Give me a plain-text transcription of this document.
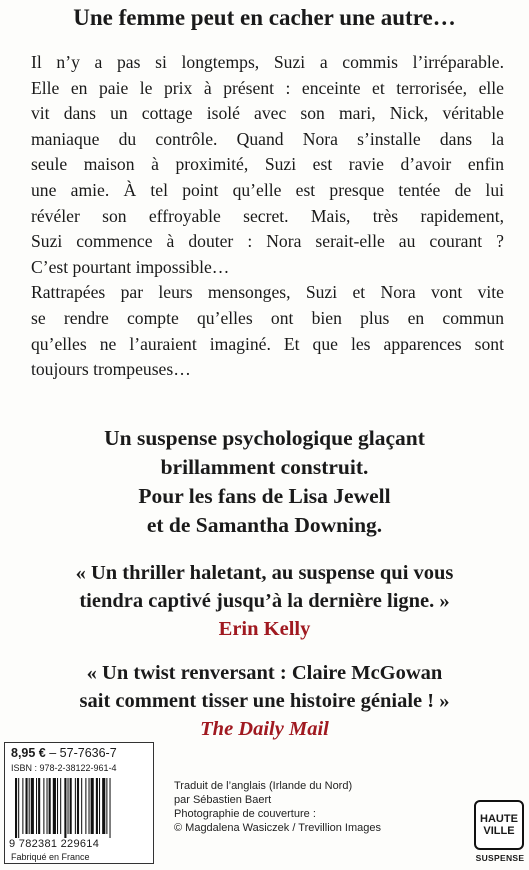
Une femme peut en cacher une autre…

Il n’y a pas si longtemps, Suzi a commis l’irréparable.
Elle en paie le prix à présent : enceinte et terrorisée, elle
vit dans un cottage isolé avec son mari, Nick, véritable
maniaque du contrôle. Quand Nora s’installe dans la
seule maison à proximité, Suzi est ravie d’avoir enfin
une amie. À tel point qu’elle est presque tentée de lui
révéler son effroyable secret. Mais, très rapidement,
Suzi commence à douter : Nora serait-elle au courant ?
C’est pourtant impossible…

Rattrapées par leurs mensonges, Suzi et Nora vont vite
se rendre compte qu’elles ont bien plus en commun
qu’elles ne l’auraient imaginé. Et que les apparences sont
toujours trompeuses…

Un suspense psychologique glaçant
brillamment construit.
Pour les fans de Lisa Jewell
et de Samantha Downing.
« Un thriller haletant, au suspense qui vous
tiendra captivé jusqu’à la dernière ligne. »
Erin Kelly
« Un twist renversant : Claire McGowan
sait comment tisser une histoire géniale ! »
The Daily Mail
8,95 € – 57-7636-7
ISBN : 978-2-38122-961-4
9 782381 229614
Fabriqué en France
Traduit de l’anglais (Irlande du Nord)
par Sébastien Baert
Photographie de couverture :
© Magdalena Wasiczek / Trevillion Images
HAUTE
VILLE
SUSPENSE
